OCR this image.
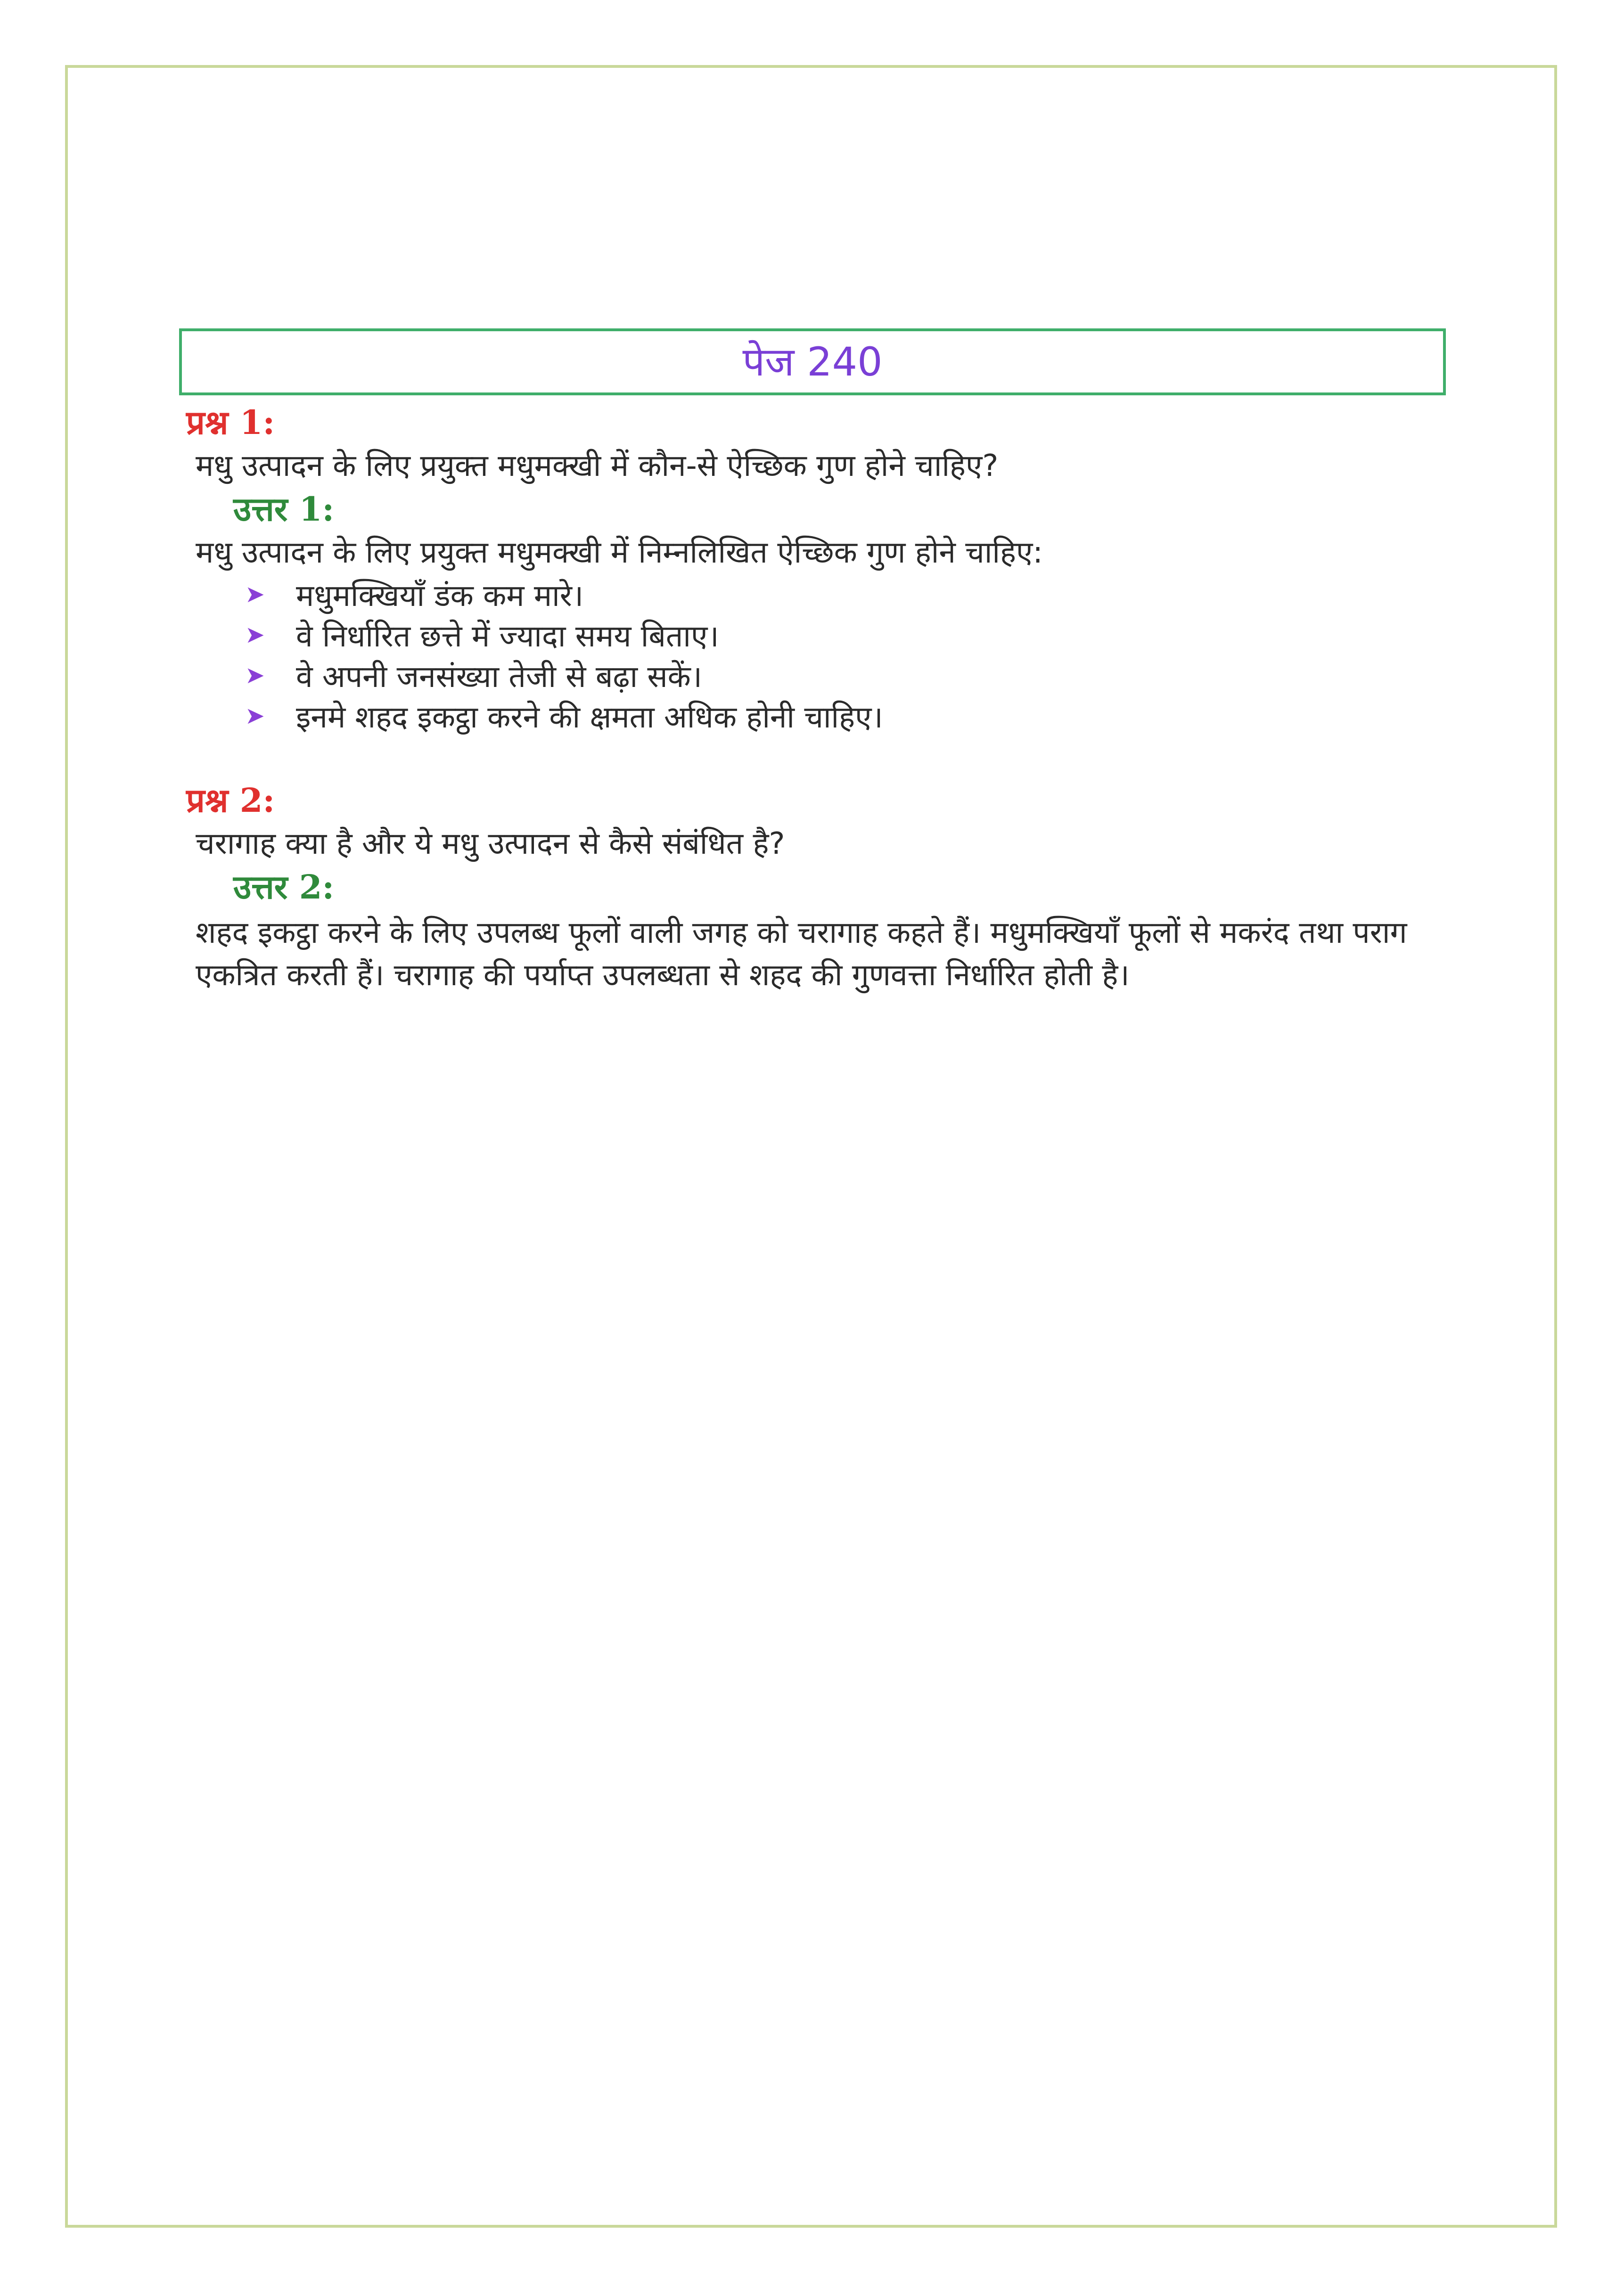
पेज 240
प्रश्न 1:
मधु उत्पादन के लिए प्रयुक्त मधुमक्खी में कौन-से ऐच्छिक गुण होने चाहिए?
उत्तर 1:
मधु उत्पादन के लिए प्रयुक्त मधुमक्खी में निम्नलिखित ऐच्छिक गुण होने चाहिए:
➤ मधुमक्खियाँ डंक कम मारे।
➤ वे निर्धारित छत्ते में ज्यादा समय बिताए।
➤ वे अपनी जनसंख्या तेजी से बढ़ा सकें।
➤ इनमे शहद इकट्ठा करने की क्षमता अधिक होनी चाहिए।
प्रश्न 2:
चरागाह क्या है और ये मधु उत्पादन से कैसे संबंधित है?
उत्तर 2:
शहद इकट्ठा करने के लिए उपलब्ध फूलों वाली जगह को चरागाह कहते हैं। मधुमक्खियाँ फूलों से मकरंद तथा पराग एकत्रित करती हैं। चरागाह की पर्याप्त उपलब्धता से शहद की गुणवत्ता निर्धारित होती है।
